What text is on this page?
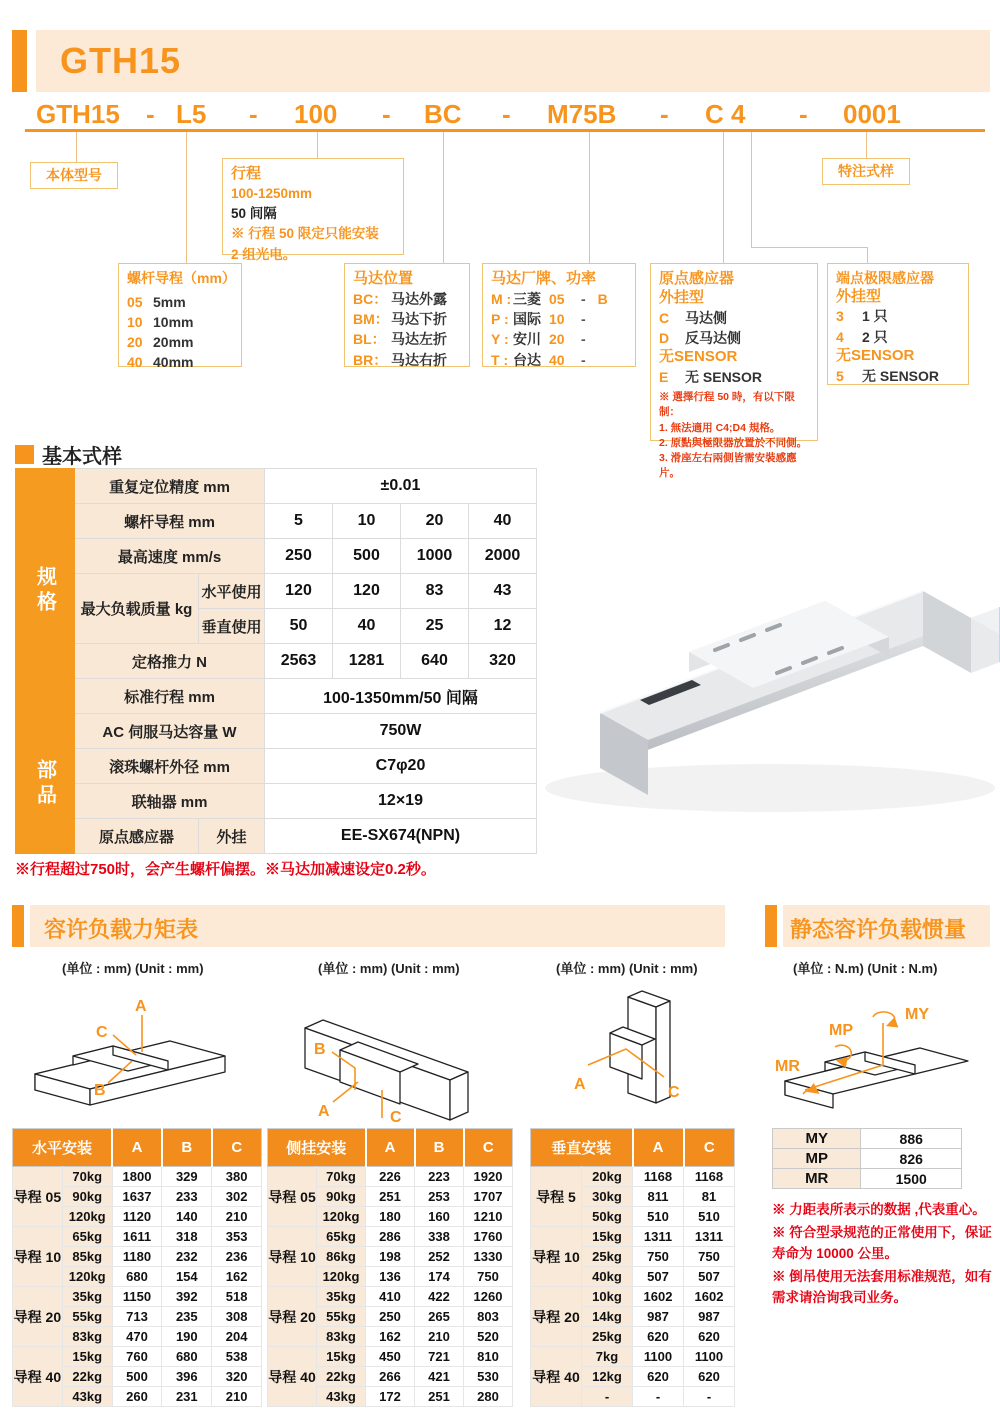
GTH15
GTH15 - L5 - 100 - BC - M75B - C 4 - 0001
本体型号	行程
100-1250mm
50 间隔
※ 行程 50 限定只能安装
2 组光电。
特注式样
螺杆导程（mm）
05 5mm
10 10mm
20 20mm
40 40mm
马达位置
BC： 马达外露
BM： 马达下折
BL： 马达左折
BR： 马达右折
马达厂牌、功率
M : 三菱 05	- B
P : 国际 10	-
Y : 安川 20	-
T : 台达 40	-
原点感应器
外挂型
C	马达侧
D	反马达侧
无SENSOR
E	无 SENSOR
※ 選擇行程 50 時，有以下限制：
1. 無法適用 C4;D4 規格。
2. 原點與極限器放置於不同側。
3. 滑座左右兩側皆需安裝感應片。
端点极限感应器
外挂型
3	1 只
4	2 只
无SENSOR
5	无 SENSOR
基本式样
规格	重复定位精度 mm		±0.01			
	螺杆导程 mm		5	10	20	40
	最高速度 mm/s		250	500	1000	2000
	最大负载质量 kg	水平使用	120	120	83	43
		垂直使用	50	40	25	12
	定格推力 N		2563	1281	640	320
	标准行程 mm		100-1350mm/50 间隔			
部品	AC 伺服马达容量 W		750W			
	滚珠螺杆外径 mm		C7φ20			
	联轴器 mm		12×19			
	原点感应器	外挂	EE-SX674(NPN)			
※行程超过750时，会产生螺杆偏摆。※马达加减速设定0.2秒。
容许负载力矩表	静态容许负载惯量
(单位 : mm) (Unit : mm)	(单位 : mm) (Unit : mm)	(单位 : mm) (Unit : mm)	(单位 : N.m) (Unit : N.m)
A
C
B
B
A	C
A	C
MP
MY
MR
水平安装		A	B	C
导程 05	70kg	1800	329	380
	90kg	1637	233	302
	120kg	1120	140	210
导程 10	65kg	1611	318	353
	85kg	1180	232	236
	120kg	680	154	162
导程 20	35kg	1150	392	518
	55kg	713	235	308
	83kg	470	190	204
导程 40	15kg	760	680	538
	22kg	500	396	320
	43kg	260	231	210
侧挂安装		A	B	C
导程 05	70kg	226	223	1920
	90kg	251	253	1707
	120kg	180	160	1210
导程 10	65kg	286	338	1760
	86kg	198	252	1330
	120kg	136	174	750
导程 20	35kg	410	422	1260
	55kg	250	265	803
	83kg	162	210	520
导程 40	15kg	450	721	810
	22kg	266	421	530
	43kg	172	251	280
垂直安装		A	C
导程 5	20kg	1168	1168
	30kg	811	81
	50kg	510	510
导程 10	15kg	1311	1311
	25kg	750	750
	40kg	507	507
导程 20	10kg	1602	1602
	14kg	987	987
	25kg	620	620
导程 40	7kg	1100	1100
	12kg	620	620
	-	-	-
MY	886
MP	826
MR	1500

※ 力距表所表示的数据 ,代表重心。

※ 符合型录规范的正常使用下，保证寿命为 10000 公里。

※ 倒吊使用无法套用标准规范，如有需求请洽询我司业务。
